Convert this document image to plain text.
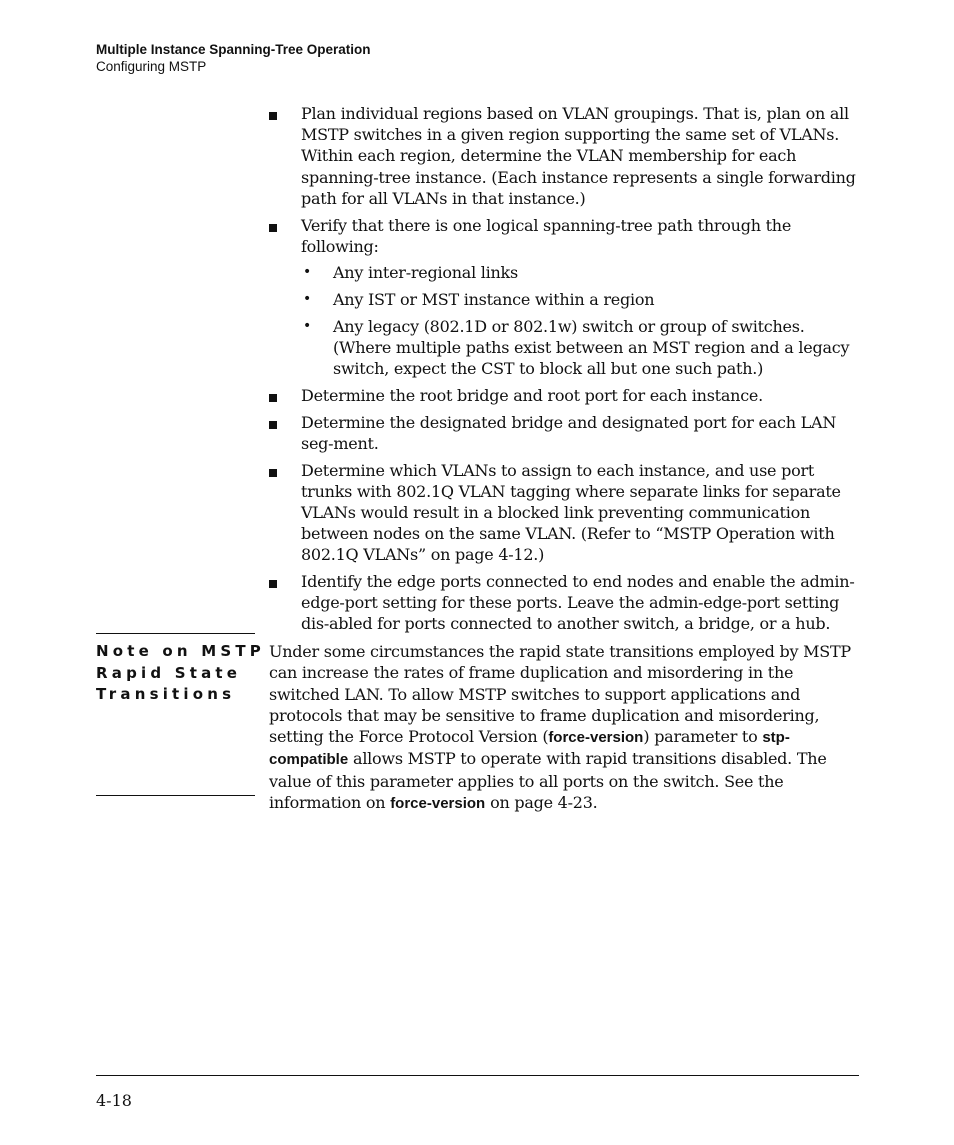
Multiple Instance Spanning-Tree Operation
Configuring MSTP
Plan individual regions based on VLAN groupings. That is, plan on all MSTP switches in a given region supporting the same set of VLANs. Within each region, determine the VLAN membership for each spanning-tree instance. (Each instance represents a single forwarding path for all VLANs in that instance.)
Verify that there is one logical spanning-tree path through the following:
• Any inter-regional links
• Any IST or MST instance within a region
• Any legacy (802.1D or 802.1w) switch or group of switches. (Where multiple paths exist between an MST region and a legacy switch, expect the CST to block all but one such path.)
Determine the root bridge and root port for each instance.
Determine the designated bridge and designated port for each LAN seg-ment.
Determine which VLANs to assign to each instance, and use port trunks with 802.1Q VLAN tagging where separate links for separate VLANs would result in a blocked link preventing communication between nodes on the same VLAN. (Refer to “MSTP Operation with 802.1Q VLANs” on page 4-12.)
Identify the edge ports connected to end nodes and enable the admin-edge-port setting for these ports. Leave the admin-edge-port setting dis-abled for ports connected to another switch, a bridge, or a hub.
Note on MSTP Rapid State Transitions
Under some circumstances the rapid state transitions employed by MSTP can increase the rates of frame duplication and misordering in the switched LAN. To allow MSTP switches to support applications and protocols that may be sensitive to frame duplication and misordering, setting the Force Protocol Version (force-version) parameter to stp-compatible allows MSTP to operate with rapid transitions disabled. The value of this parameter applies to all ports on the switch. See the information on force-version on page 4-23.
4-18
